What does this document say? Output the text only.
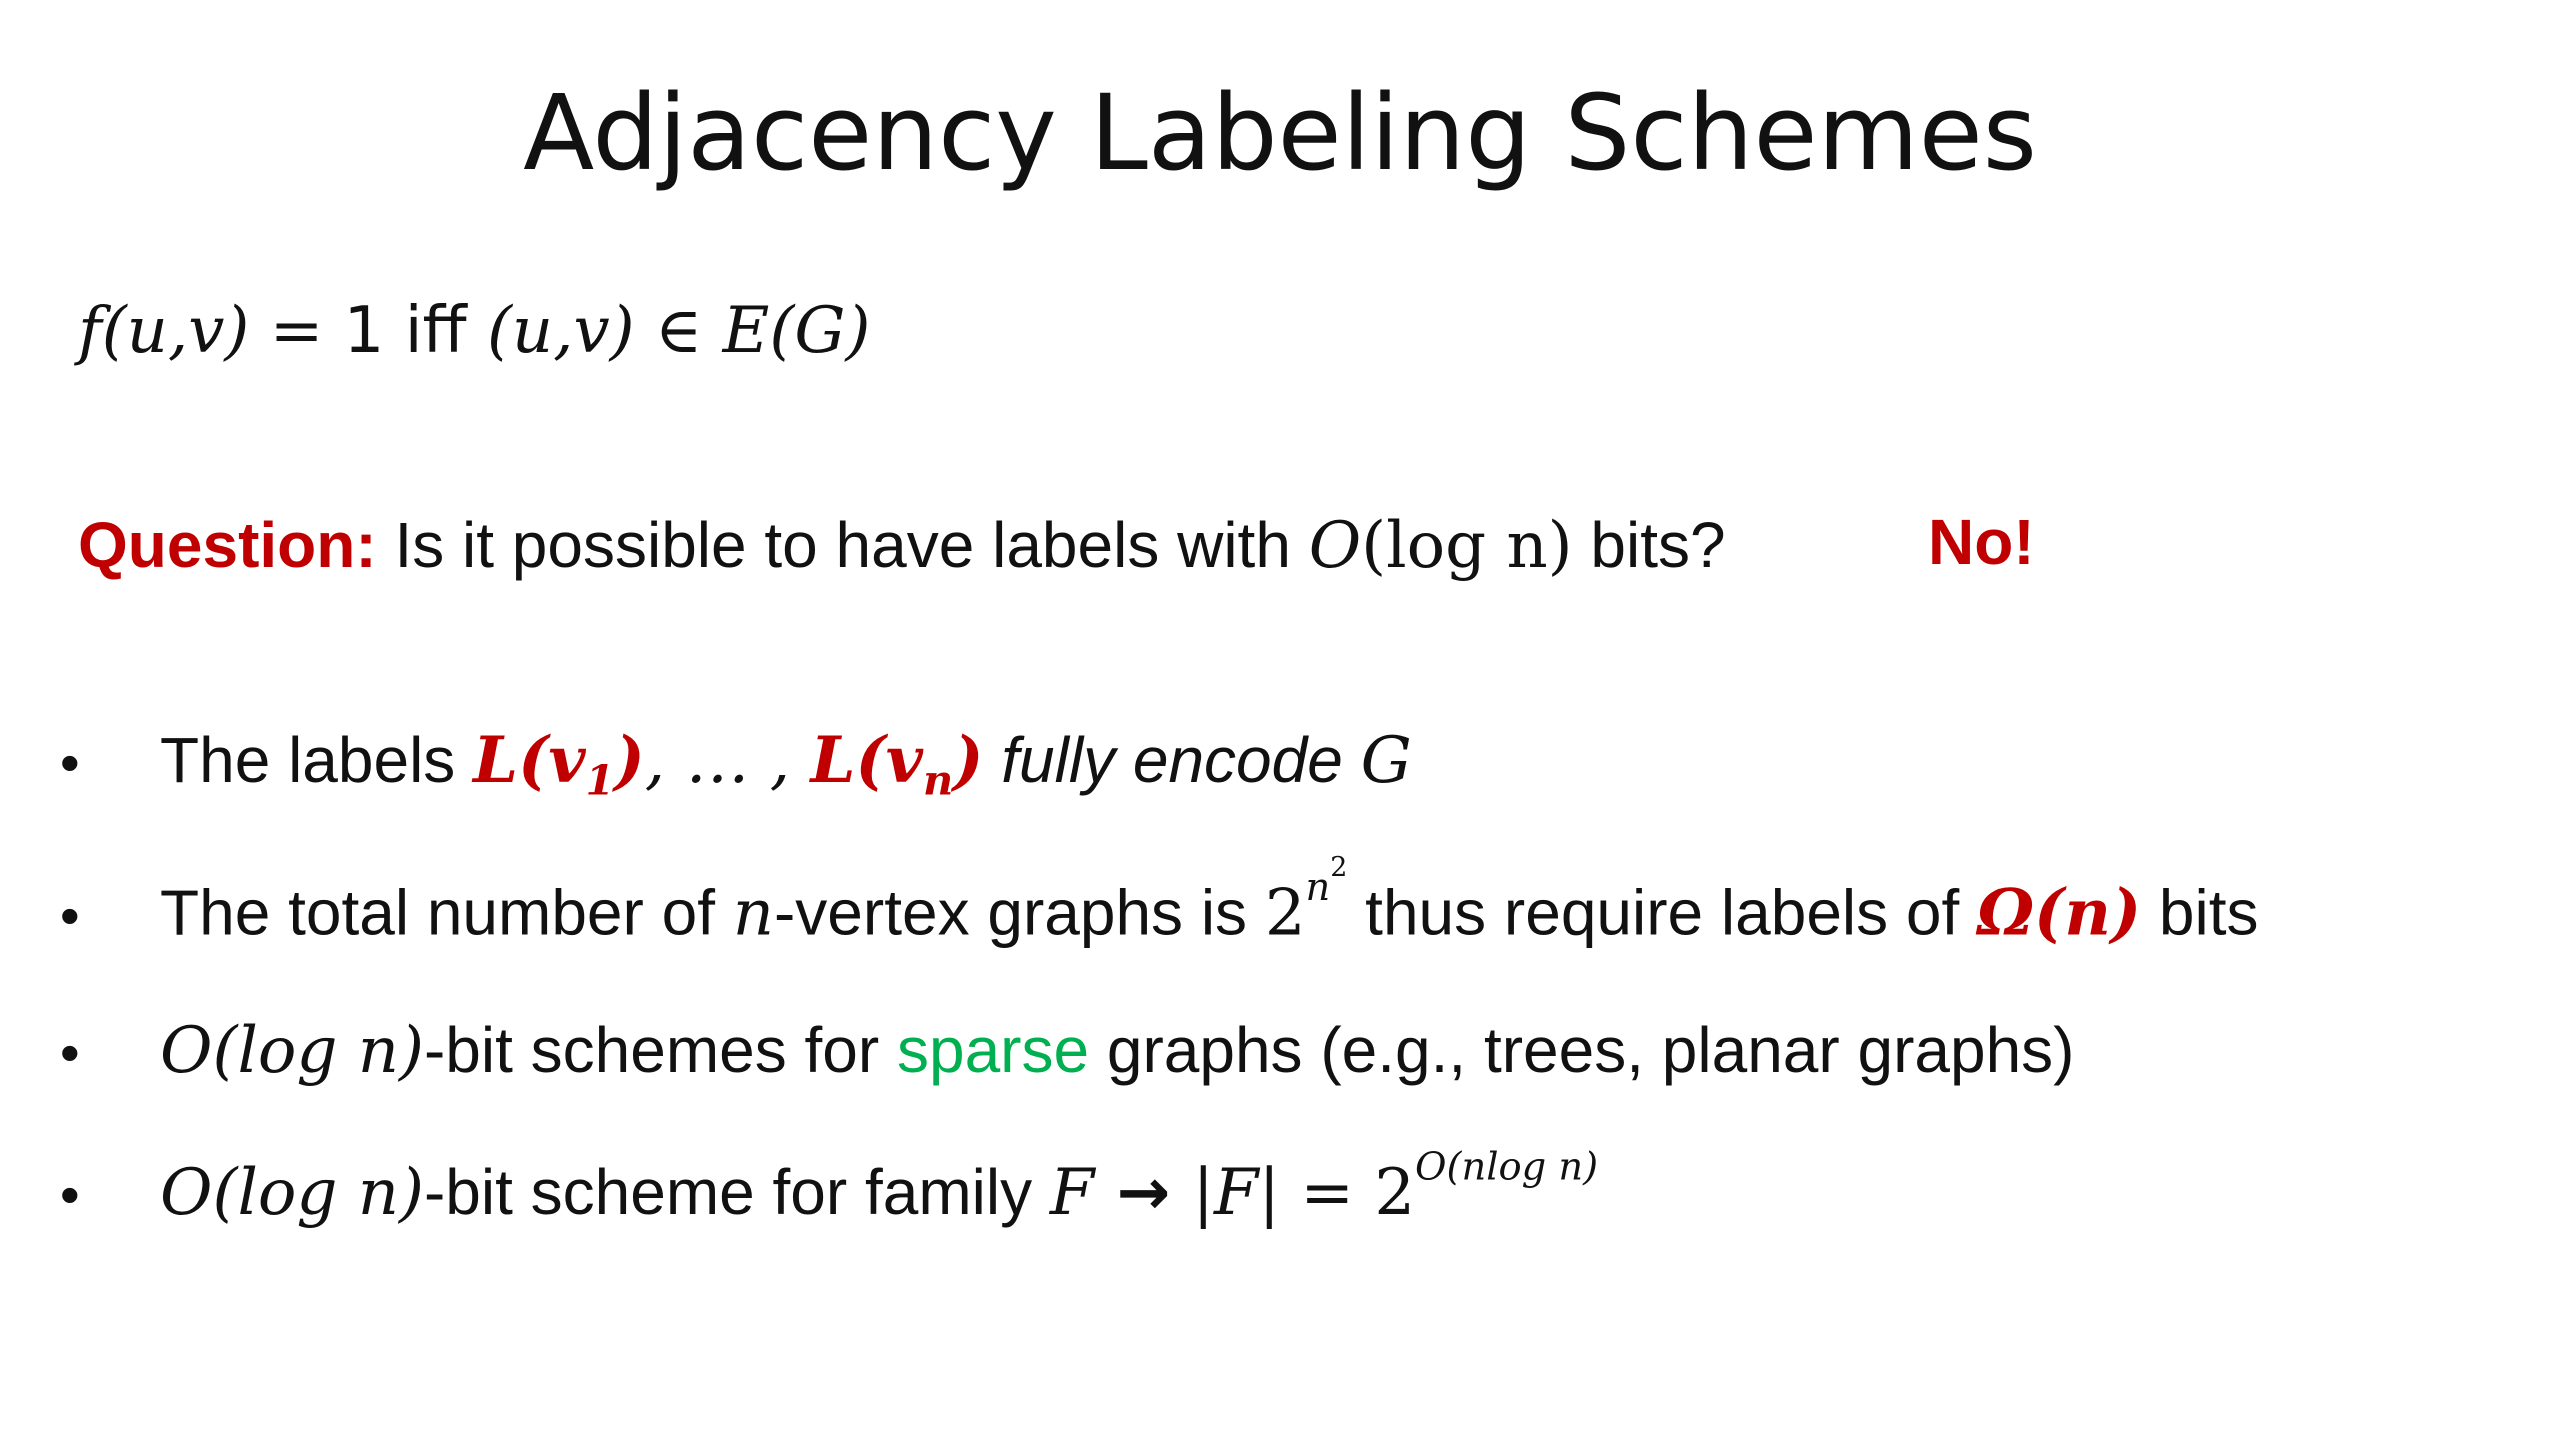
Adjacency Labeling Schemes
f(u,v) = 1 iff (u,v) ∈ E(G)
Question: Is it possible to have labels with O(log n) bits?	No!
• The labels $L(v_1)$, … , $L(v_n)$ fully encode G
• The total number of n-vertex graphs is $2^{n^2}$ thus require labels of Ω(n) bits
• O(log n)-bit schemes for sparse graphs (e.g., trees, planar graphs)
• O(log n)-bit scheme for family $F \to |F| = 2^{O(nlog n)}$
